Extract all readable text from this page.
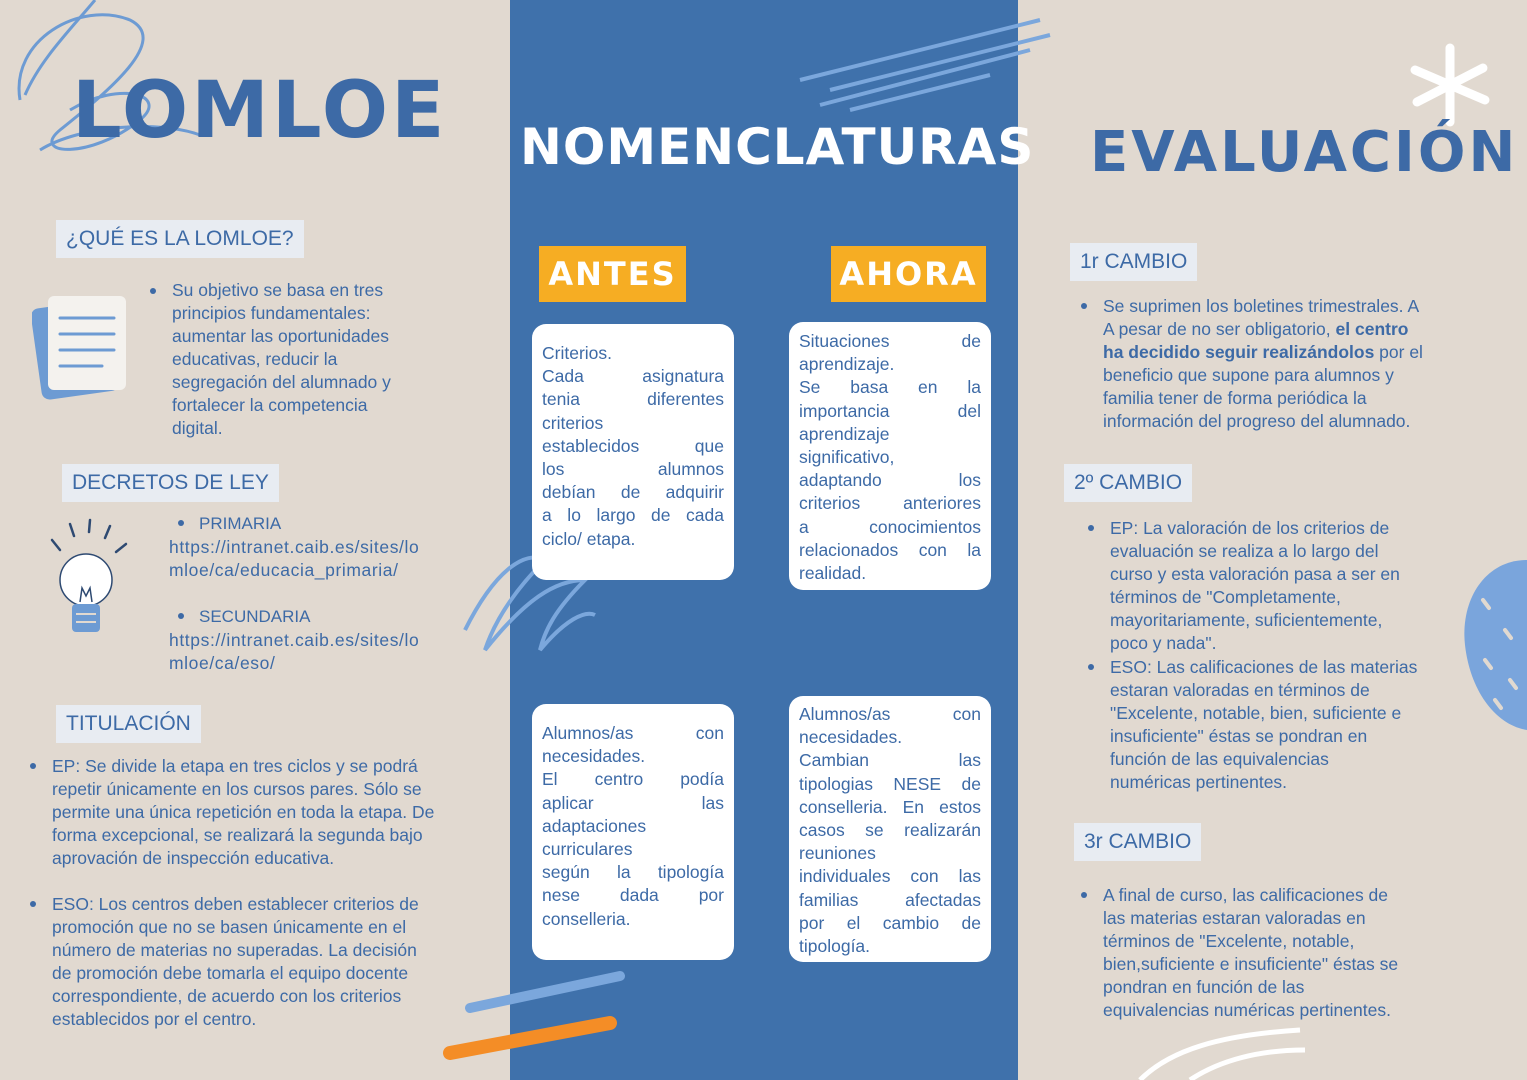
LOMLOE
¿QUÉ ES LA LOMLOE?
Su objetivo se basa en tres
principios fundamentales:
aumentar las oportunidades
educativas, reducir la
segregación del alumnado y
fortalecer la competencia
digital.
DECRETOS DE LEY
PRIMARIA
https://intranet.caib.es/sites/lo
mloe/ca/educacia_primaria/
SECUNDARIA
https://intranet.caib.es/sites/lo
mloe/ca/eso/
TITULACIÓN
EP: Se divide la etapa en tres ciclos y se podrá
repetir únicamente en los cursos pares. Sólo se
permite una única repetición en toda la etapa. De
forma excepcional, se realizará la segunda bajo
aprovación de inspección educativa.
ESO: Los centros deben establecer criterios de
promoción que no se basen únicamente en el
número de materias no superadas. La decisión
de promoción debe tomarla el equipo docente
correspondiente, de acuerdo con los criterios
establecidos por el centro.
NOMENCLATURAS
ANTES	AHORA
Criterios.
Cada asignatura
tenia diferentes
criterios
establecidos que
los alumnos
debían de adquirir
a lo largo de cada
ciclo/ etapa.
Situaciones de
aprendizaje.
Se basa en la
importancia del
aprendizaje
significativo,
adaptando los
criterios anteriores
a conocimientos
relacionados con la
realidad.
Alumnos/as con
necesidades.
El centro podía
aplicar las
adaptaciones
curriculares
según la tipología
nese dada por
conselleria.
Alumnos/as con
necesidades.
Cambian las
tipologias NESE de
conselleria. En estos
casos se realizarán
reuniones
individuales con las
familias afectadas
por el cambio de
tipología.
EVALUACIÓN
1r CAMBIO
Se suprimen los boletines trimestrales. A
A pesar de no ser obligatorio, el centro
ha decidido seguir realizándolos por el
beneficio que supone para alumnos y
familia tener de forma periódica la
información del progreso del alumnado.
2º CAMBIO
EP: La valoración de los criterios de
evaluación se realiza a lo largo del
curso y esta valoración pasa a ser en
términos de "Completamente,
mayoritariamente, suficientemente,
poco y nada".
ESO: Las calificaciones de las materias
estaran valoradas en términos de
"Excelente, notable, bien, suficiente e
insuficiente" éstas se pondran en
función de las equivalencias
numéricas pertinentes.
3r CAMBIO
A final de curso, las calificaciones de
las materias estaran valoradas en
términos de "Excelente, notable,
bien,suficiente e insuficiente" éstas se
pondran en función de las
equivalencias numéricas pertinentes.
